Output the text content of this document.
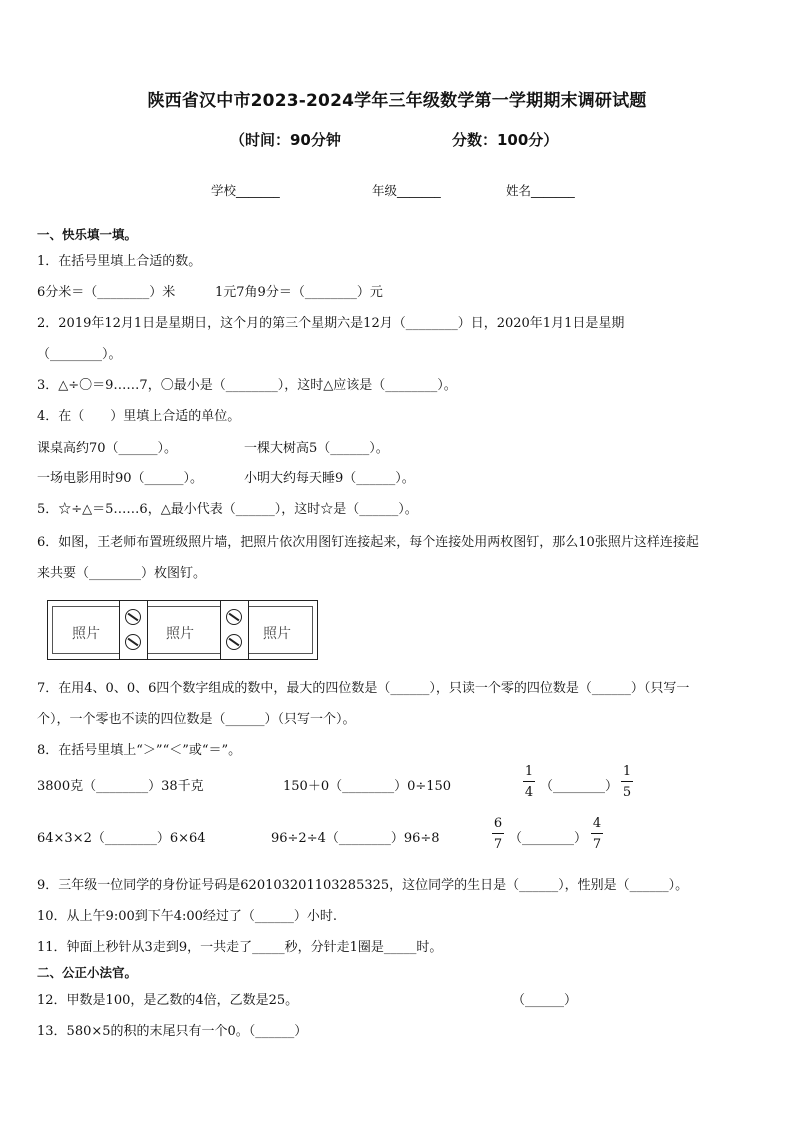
陕西省汉中市2023-2024学年三年级数学第一学期期末调研试题
（时间：90分钟	分数：100分）
学校_______	年级_______	姓名_______
一、快乐填一填。
1．在括号里填上合适的数。
6分米＝（________）米	1元7角9分＝（________）元
2．2019年12月1日是星期日，这个月的第三个星期六是12月（________）日，2020年1月1日是星期
（________）。
3．△÷〇＝9……7，〇最小是（________），这时△应该是（________）。
4．在（　　）里填上合适的单位。
课桌高约70（______）。	一棵大树高5（______）。
一场电影用时90（______）。	小明大约每天睡9（______）。
5．☆÷△＝5……6，△最小代表（______），这时☆是（______）。
6．如图，王老师布置班级照片墙，把照片依次用图钉连接起来，每个连接处用两枚图钉，那么10张照片这样连接起
来共要（________）枚图钉。
照片	照片	照片
7．在用4、0、0、6四个数字组成的数中，最大的四位数是（______），只读一个零的四位数是（______）（只写一
个），一个零也不读的四位数是（______）（只写一个）。
8．在括号里填上“＞”“＜”或“＝”。
3800克（________）38千克	150＋0（________）0÷150
1
4 （________）
1
5
64×3×2（________）6×64	96÷2÷4（________）96÷8
6
7 （________）
4
7
9．三年级一位同学的身份证号码是620103201103285325，这位同学的生日是（______），性别是（______）。
10．从上午9:00到下午4:00经过了（______）小时.
11．钟面上秒针从3走到9，一共走了_____秒，分针走1圈是_____时。
二、公正小法官。
12．甲数是100，是乙数的4倍，乙数是25。	（______）
13．580×5的积的末尾只有一个0。（______）
